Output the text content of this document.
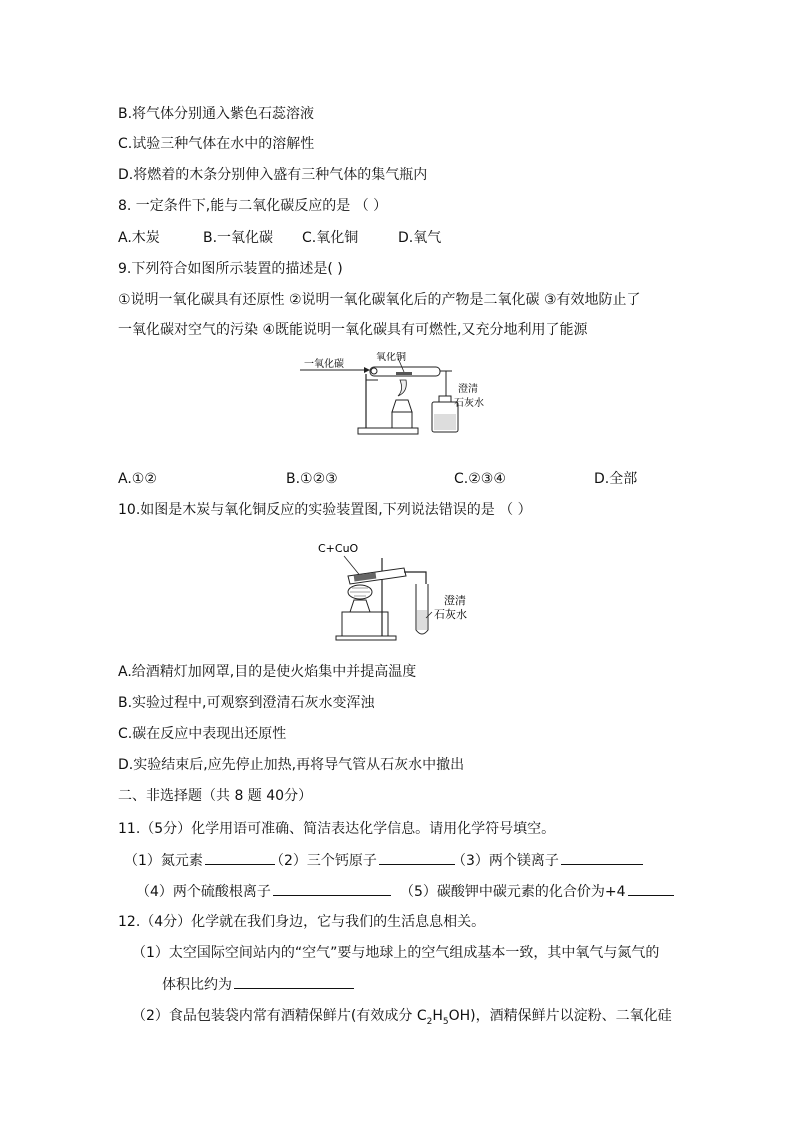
B.将气体分别通入紫色石蕊溶液
C.试验三种气体在水中的溶解性
D.将燃着的木条分别伸入盛有三种气体的集气瓶内
8. 一定条件下,能与二氧化碳反应的是 （ ）
A.木炭	B.一氧化碳 C.氧化铜	D.氧气
9.下列符合如图所示装置的描述是( )
①说明一氧化碳具有还原性 ②说明一氧化碳氧化后的产物是二氧化碳 ③有效地防止了
一氧化碳对空气的污染 ④既能说明一氧化碳具有可燃性,又充分地利用了能源
一氧化碳
氧化铜
澄清
石灰水
A.①②	B.①②③	C.②③④	D.全部
10.如图是木炭与氧化铜反应的实验装置图,下列说法错误的是 （ ）
C+CuO
澄清
石灰水
A.给酒精灯加网罩,目的是使火焰集中并提高温度
B.实验过程中,可观察到澄清石灰水变浑浊
C.碳在反应中表现出还原性
D.实验结束后,应先停止加热,再将导气管从石灰水中撤出
二、非选择题（共 8 题 40分）
11.（5分）化学用语可准确、简洁表达化学信息。请用化学符号填空。
（1）氮元素	（2）三个钙原子	（3）两个镁离子
（4）两个硫酸根离子	（5）碳酸钾中碳元素的化合价为+4
12.（4分）化学就在我们身边，它与我们的生活息息相关。
（1）太空国际空间站内的“空气”要与地球上的空气组成基本一致，其中氧气与氮气的
体积比约为
（2）食品包装袋内常有酒精保鲜片(有效成分 $C_2H_5OH$)，酒精保鲜片以淀粉、二氧化硅
